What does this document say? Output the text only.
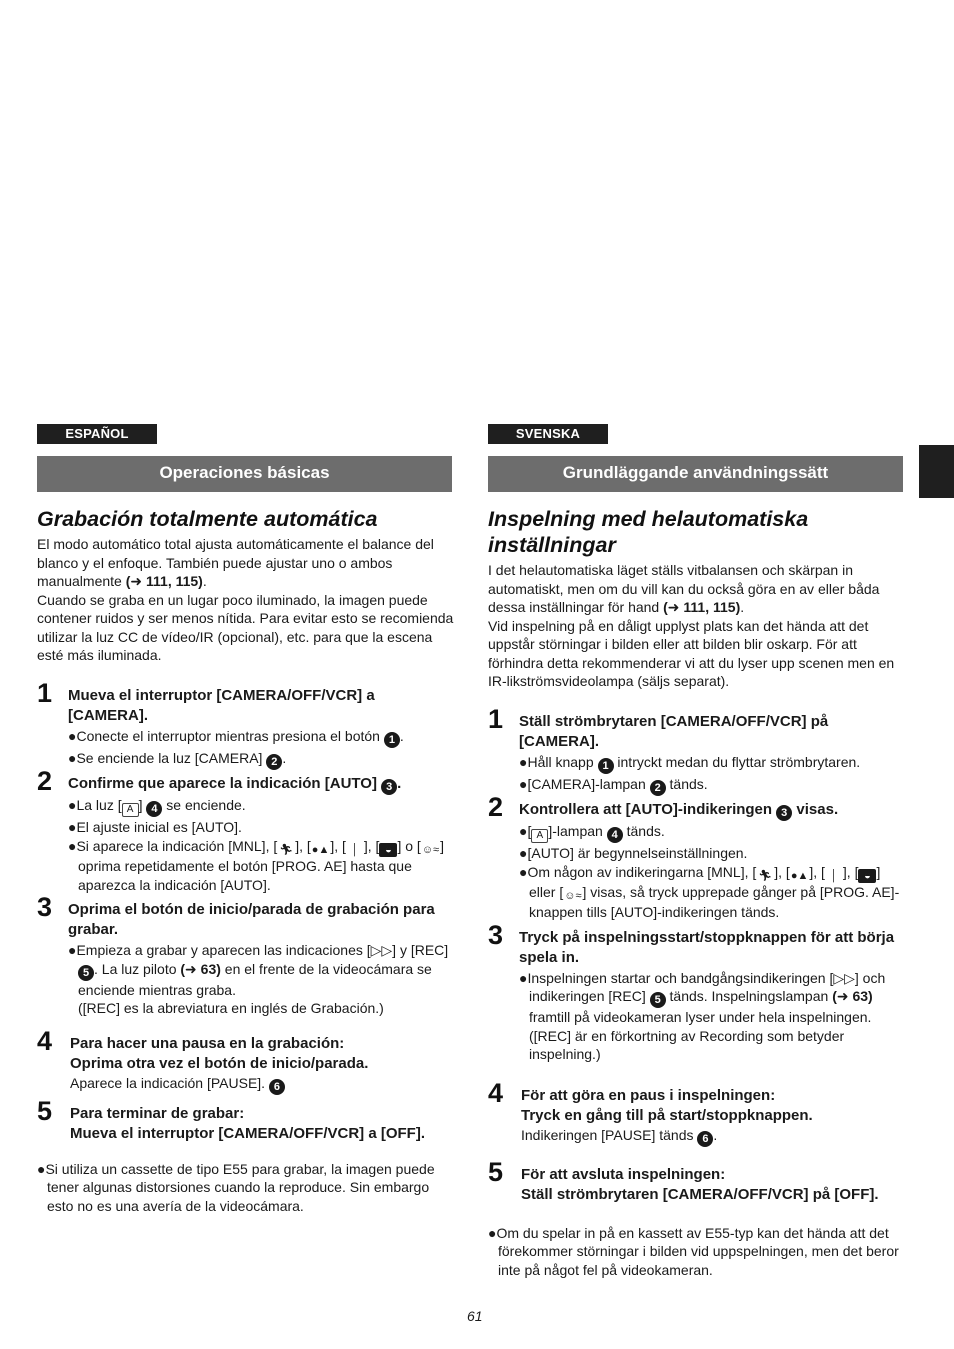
ESPAÑOL	SVENSKA
Operaciones básicas	Grundläggande användningssätt
Grabación totalmente automática
El modo automático total ajusta automáticamente el balance del blanco y el enfoque. También puede ajustar uno o ambos manualmente (➜ 111, 115).
Cuando se graba en un lugar poco iluminado, la imagen puede contener ruidos y ser menos nítida. Para evitar esto se recomienda utilizar la luz CC de vídeo/IR (opcional), etc. para que la escena esté más iluminada.
1 Mueva el interruptor [CAMERA/OFF/VCR] a [CAMERA].
●Conecte el interruptor mientras presiona el botón 1 .
●Se enciende la luz [CAMERA] 2 .
2 Confirme que aparece la indicación [AUTO] 3 .
●La luz [ A ] 4 se enciende.
●El ajuste inicial es [AUTO].
●Si aparece la indicación [MNL], [ 🏃︎ ], [●▲], [ │ ], [ ◒ ] o [☺≈] oprima repetidamente el botón [PROG. AE] hasta que aparezca la indicación [AUTO].
3 Oprima el botón de inicio/parada de grabación para grabar.
●Empieza a grabar y aparecen las indicaciones [▷▷] y [REC] 5 . La luz piloto (➜ 63) en el frente de la videocámara se enciende mientras graba.
([REC] es la abreviatura en inglés de Grabación.)
4 Para hacer una pausa en la grabación:
Oprima otra vez el botón de inicio/parada.
Aparece la indicación [PAUSE]. 6
5 Para terminar de grabar:
Mueva el interruptor [CAMERA/OFF/VCR] a [OFF].
●Si utiliza un cassette de tipo E55 para grabar, la imagen puede tener algunas distorsiones cuando la reproduce. Sin embargo esto no es una avería de la videocámara.
Inspelning med helautomatiska
inställningar
I det helautomatiska läget ställs vitbalansen och skärpan in automatiskt, men om du vill kan du också göra en av eller båda dessa inställningar för hand (➜ 111, 115).
Vid inspelning på en dåligt upplyst plats kan det hända att det uppstår störningar i bilden eller att bilden blir oskarp. För att förhindra detta rekommenderar vi att du lyser upp scenen men en IR-likströmsvideolampa (säljs separat).
1 Ställ strömbrytaren [CAMERA/OFF/VCR] på [CAMERA].
●Håll knapp 1 intryckt medan du flyttar strömbrytaren.
●[CAMERA]-lampan 2 tänds.
2 Kontrollera att [AUTO]-indikeringen 3 visas.
●[ A ]-lampan 4 tänds.
●[AUTO] är begynnelseinställningen.
●Om någon av indikeringarna [MNL], [ 🏃︎ ], [●▲], [ │ ], [ ◒ ] eller [☺≈] visas, så tryck upprepade gånger på [PROG. AE]-knappen tills [AUTO]-indikeringen tänds.
3 Tryck på inspelningsstart/stoppknappen för att börja spela in.
●Inspelningen startar och bandgångsindikeringen [▷▷] och indikeringen [REC] 5 tänds. Inspelningslampan (➜ 63) framtill på videokameran lyser under hela inspelningen.
([REC] är en förkortning av Recording som betyder inspelning.)
4 För att göra en paus i inspelningen:
Tryck en gång till på start/stoppknappen.
Indikeringen [PAUSE] tänds 6 .
5 För att avsluta inspelningen:
Ställ strömbrytaren [CAMERA/OFF/VCR] på [OFF].
●Om du spelar in på en kassett av E55-typ kan det hända att det förekommer störningar i bilden vid uppspelningen, men det beror inte på något fel på videokameran.
61
